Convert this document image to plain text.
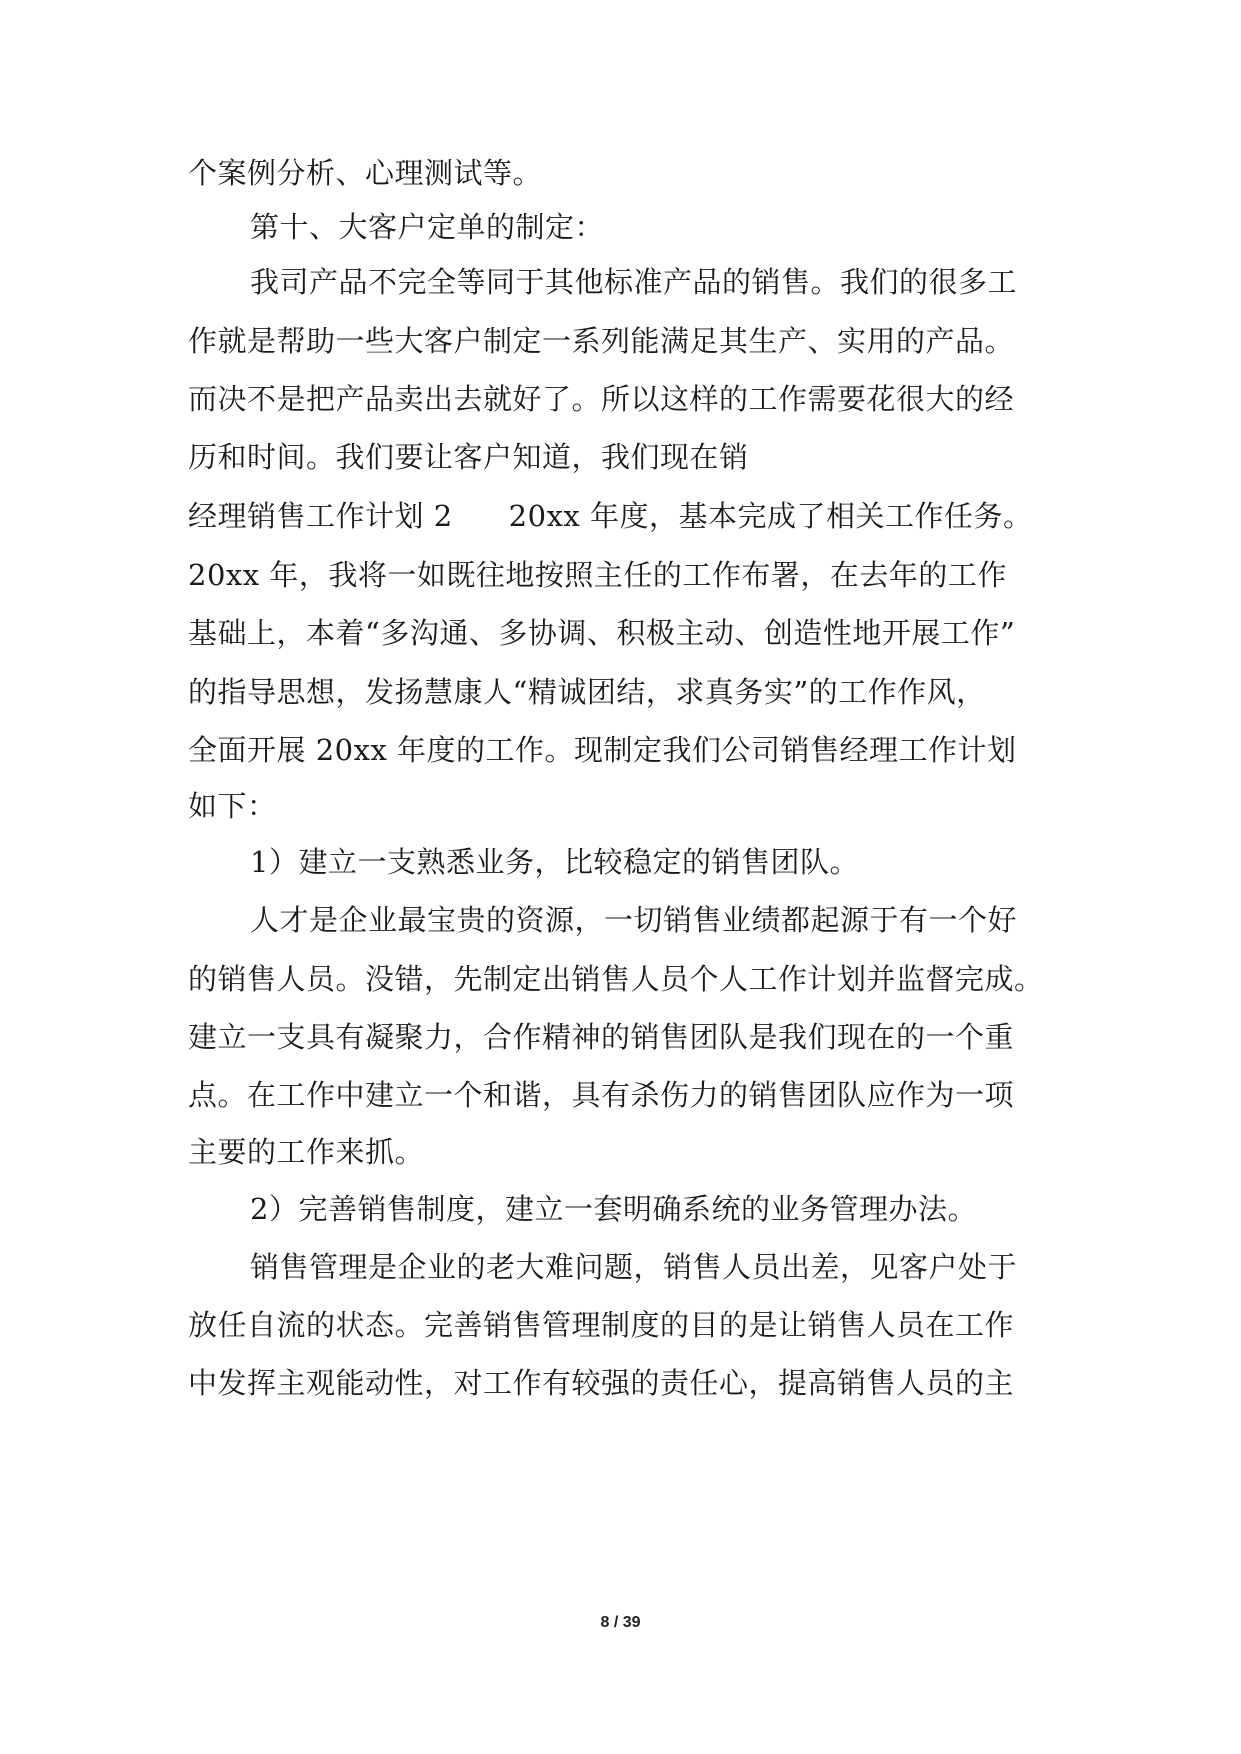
个案例分析、心理测试等。
第十、大客户定单的制定：
我司产品不完全等同于其他标准产品的销售。我们的很多工
作就是帮助一些大客户制定一系列能满足其生产、实用的产品。
而决不是把产品卖出去就好了。所以这样的工作需要花很大的经
历和时间。我们要让客户知道，我们现在销
经理销售工作计划 2 20xx 年度，基本完成了相关工作任务。
20xx 年，我将一如既往地按照主任的工作布署，在去年的工作
基础上，本着“多沟通、多协调、积极主动、创造性地开展工作”
的指导思想，发扬慧康人“精诚团结，求真务实”的工作作风，
全面开展 20xx 年度的工作。现制定我们公司销售经理工作计划
如下：
1）建立一支熟悉业务，比较稳定的销售团队。
人才是企业最宝贵的资源，一切销售业绩都起源于有一个好
的销售人员。没错，先制定出销售人员个人工作计划并监督完成。
建立一支具有凝聚力，合作精神的销售团队是我们现在的一个重
点。在工作中建立一个和谐，具有杀伤力的销售团队应作为一项
主要的工作来抓。
2）完善销售制度，建立一套明确系统的业务管理办法。
销售管理是企业的老大难问题，销售人员出差，见客户处于
放任自流的状态。完善销售管理制度的目的是让销售人员在工作
中发挥主观能动性，对工作有较强的责任心，提高销售人员的主
8 / 39
